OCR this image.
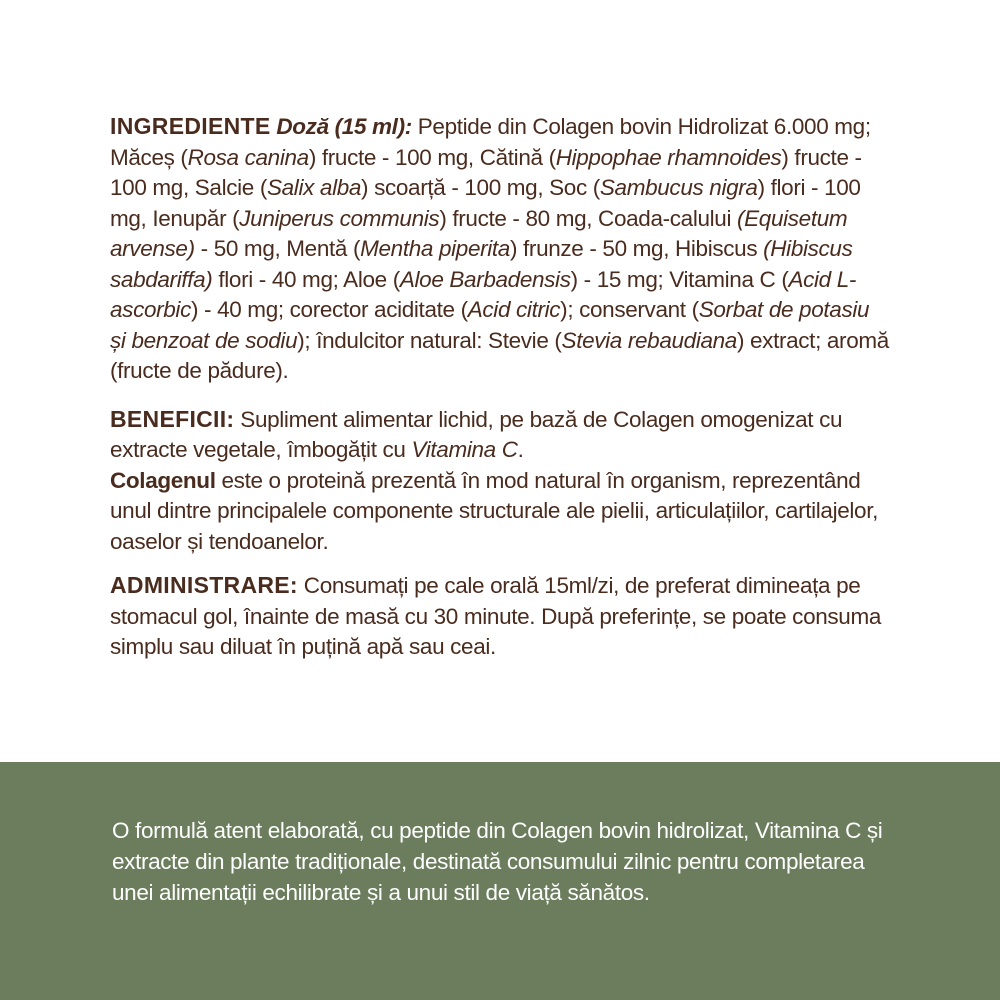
INGREDIENTE Doză (15 ml): Peptide din Colagen bovin Hidrolizat 6.000 mg; Măceș (Rosa canina) fructe - 100 mg, Cătină (Hippophae rhamnoides) fructe - 100 mg, Salcie (Salix alba) scoarță - 100 mg, Soc (Sambucus nigra) flori - 100 mg, Ienupăr (Juniperus communis) fructe - 80 mg, Coada-calului (Equisetum arvense) - 50 mg, Mentă (Mentha piperita) frunze - 50 mg, Hibiscus (Hibiscus sabdariffa) flori - 40 mg; Aloe (Aloe Barbadensis) - 15 mg; Vitamina C (Acid L-ascorbic) - 40 mg; corector aciditate (Acid citric); conservant (Sorbat de potasiu și benzoat de sodiu); îndulcitor natural: Stevie (Stevia rebaudiana) extract; aromă (fructe de pădure).

BENEFICII: Supliment alimentar lichid, pe bază de Colagen omogenizat cu extracte vegetale, îmbogățit cu Vitamina C.
Colagenul este o proteină prezentă în mod natural în organism, reprezentând unul dintre principalele componente structurale ale pielii, articulațiilor, cartilajelor, oaselor și tendoanelor.

ADMINISTRARE: Consumați pe cale orală 15ml/zi, de preferat dimineața pe stomacul gol, înainte de masă cu 30 minute. După preferințe, se poate consuma simplu sau diluat în puțină apă sau ceai.

O formulă atent elaborată, cu peptide din Colagen bovin hidrolizat, Vitamina C și extracte din plante tradiționale, destinată consumului zilnic pentru completarea unei alimentații echilibrate și a unui stil de viață sănătos.
